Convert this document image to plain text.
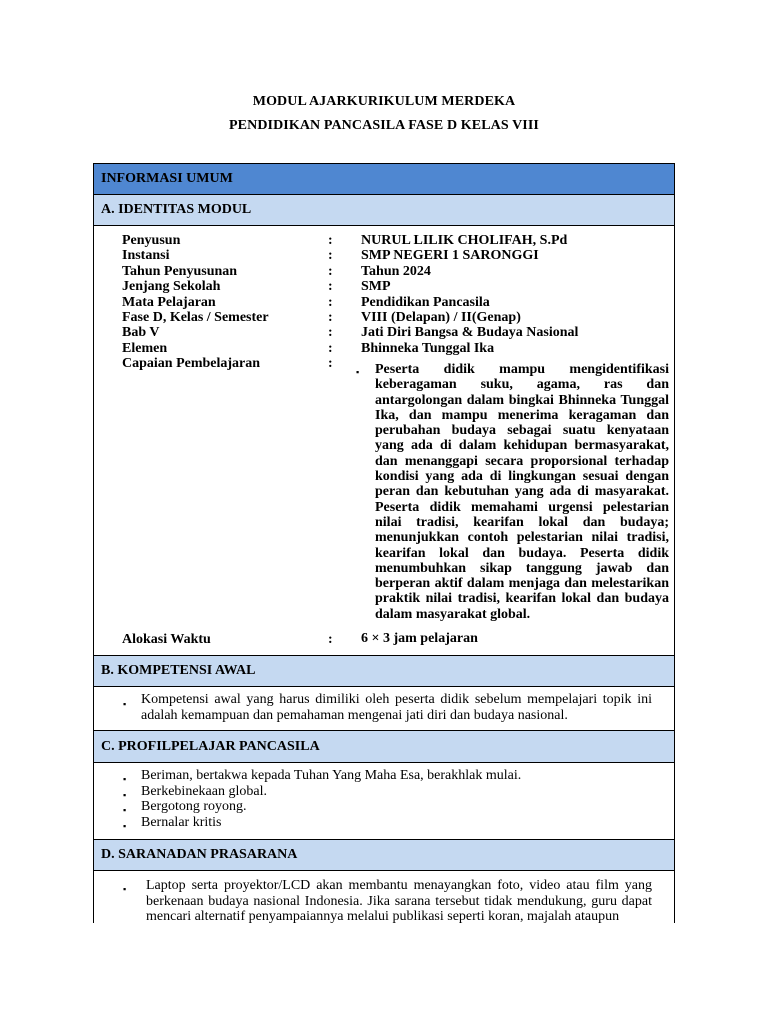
MODUL AJARKURIKULUM MERDEKA
PENDIDIKAN PANCASILA FASE D KELAS VIII
INFORMASI UMUM
A. IDENTITAS MODUL
Penyusun	: NURUL LILIK CHOLIFAH, S.Pd
Instansi	: SMP NEGERI 1 SARONGGI
Tahun Penyusunan	: Tahun 2024
Jenjang Sekolah	: SMP
Mata Pelajaran	: Pendidikan Pancasila
Fase D, Kelas / Semester	: VIII (Delapan) / II(Genap)
Bab V	: Jati Diri Bangsa & Budaya Nasional
Elemen	: Bhinneka Tunggal Ika
Capaian Pembelajaran	:
▪ Peserta didik mampu mengidentifikasi keberagaman suku, agama, ras dan antargolongan dalam bingkai Bhinneka Tunggal Ika, dan mampu menerima keragaman dan perubahan budaya sebagai suatu kenyataan yang ada di dalam kehidupan bermasyarakat, dan menanggapi secara proporsional terhadap kondisi yang ada di lingkungan sesuai dengan peran dan kebutuhan yang ada di masyarakat. Peserta didik memahami urgensi pelestarian nilai tradisi, kearifan lokal dan budaya; menunjukkan contoh pelestarian nilai tradisi, kearifan lokal dan budaya. Peserta didik menumbuhkan sikap tanggung jawab dan berperan aktif dalam menjaga dan melestarikan praktik nilai tradisi, kearifan lokal dan budaya dalam masyarakat global.
Alokasi Waktu	: 6 × 3 jam pelajaran
B. KOMPETENSI AWAL
▪ Kompetensi awal yang harus dimiliki oleh peserta didik sebelum mempelajari topik ini adalah kemampuan dan pemahaman mengenai jati diri dan budaya nasional.
C. PROFILPELAJAR PANCASILA
▪ Beriman, bertakwa kepada Tuhan Yang Maha Esa, berakhlak mulai.
▪ Berkebinekaan global.
▪ Bergotong royong.
▪ Bernalar kritis
D. SARANADAN PRASARANA
▪ Laptop serta proyektor/LCD akan membantu menayangkan foto, video atau film yang berkenaan budaya nasional Indonesia. Jika sarana tersebut tidak mendukung, guru dapat mencari alternatif penyampaiannya melalui publikasi seperti koran, majalah ataupun
